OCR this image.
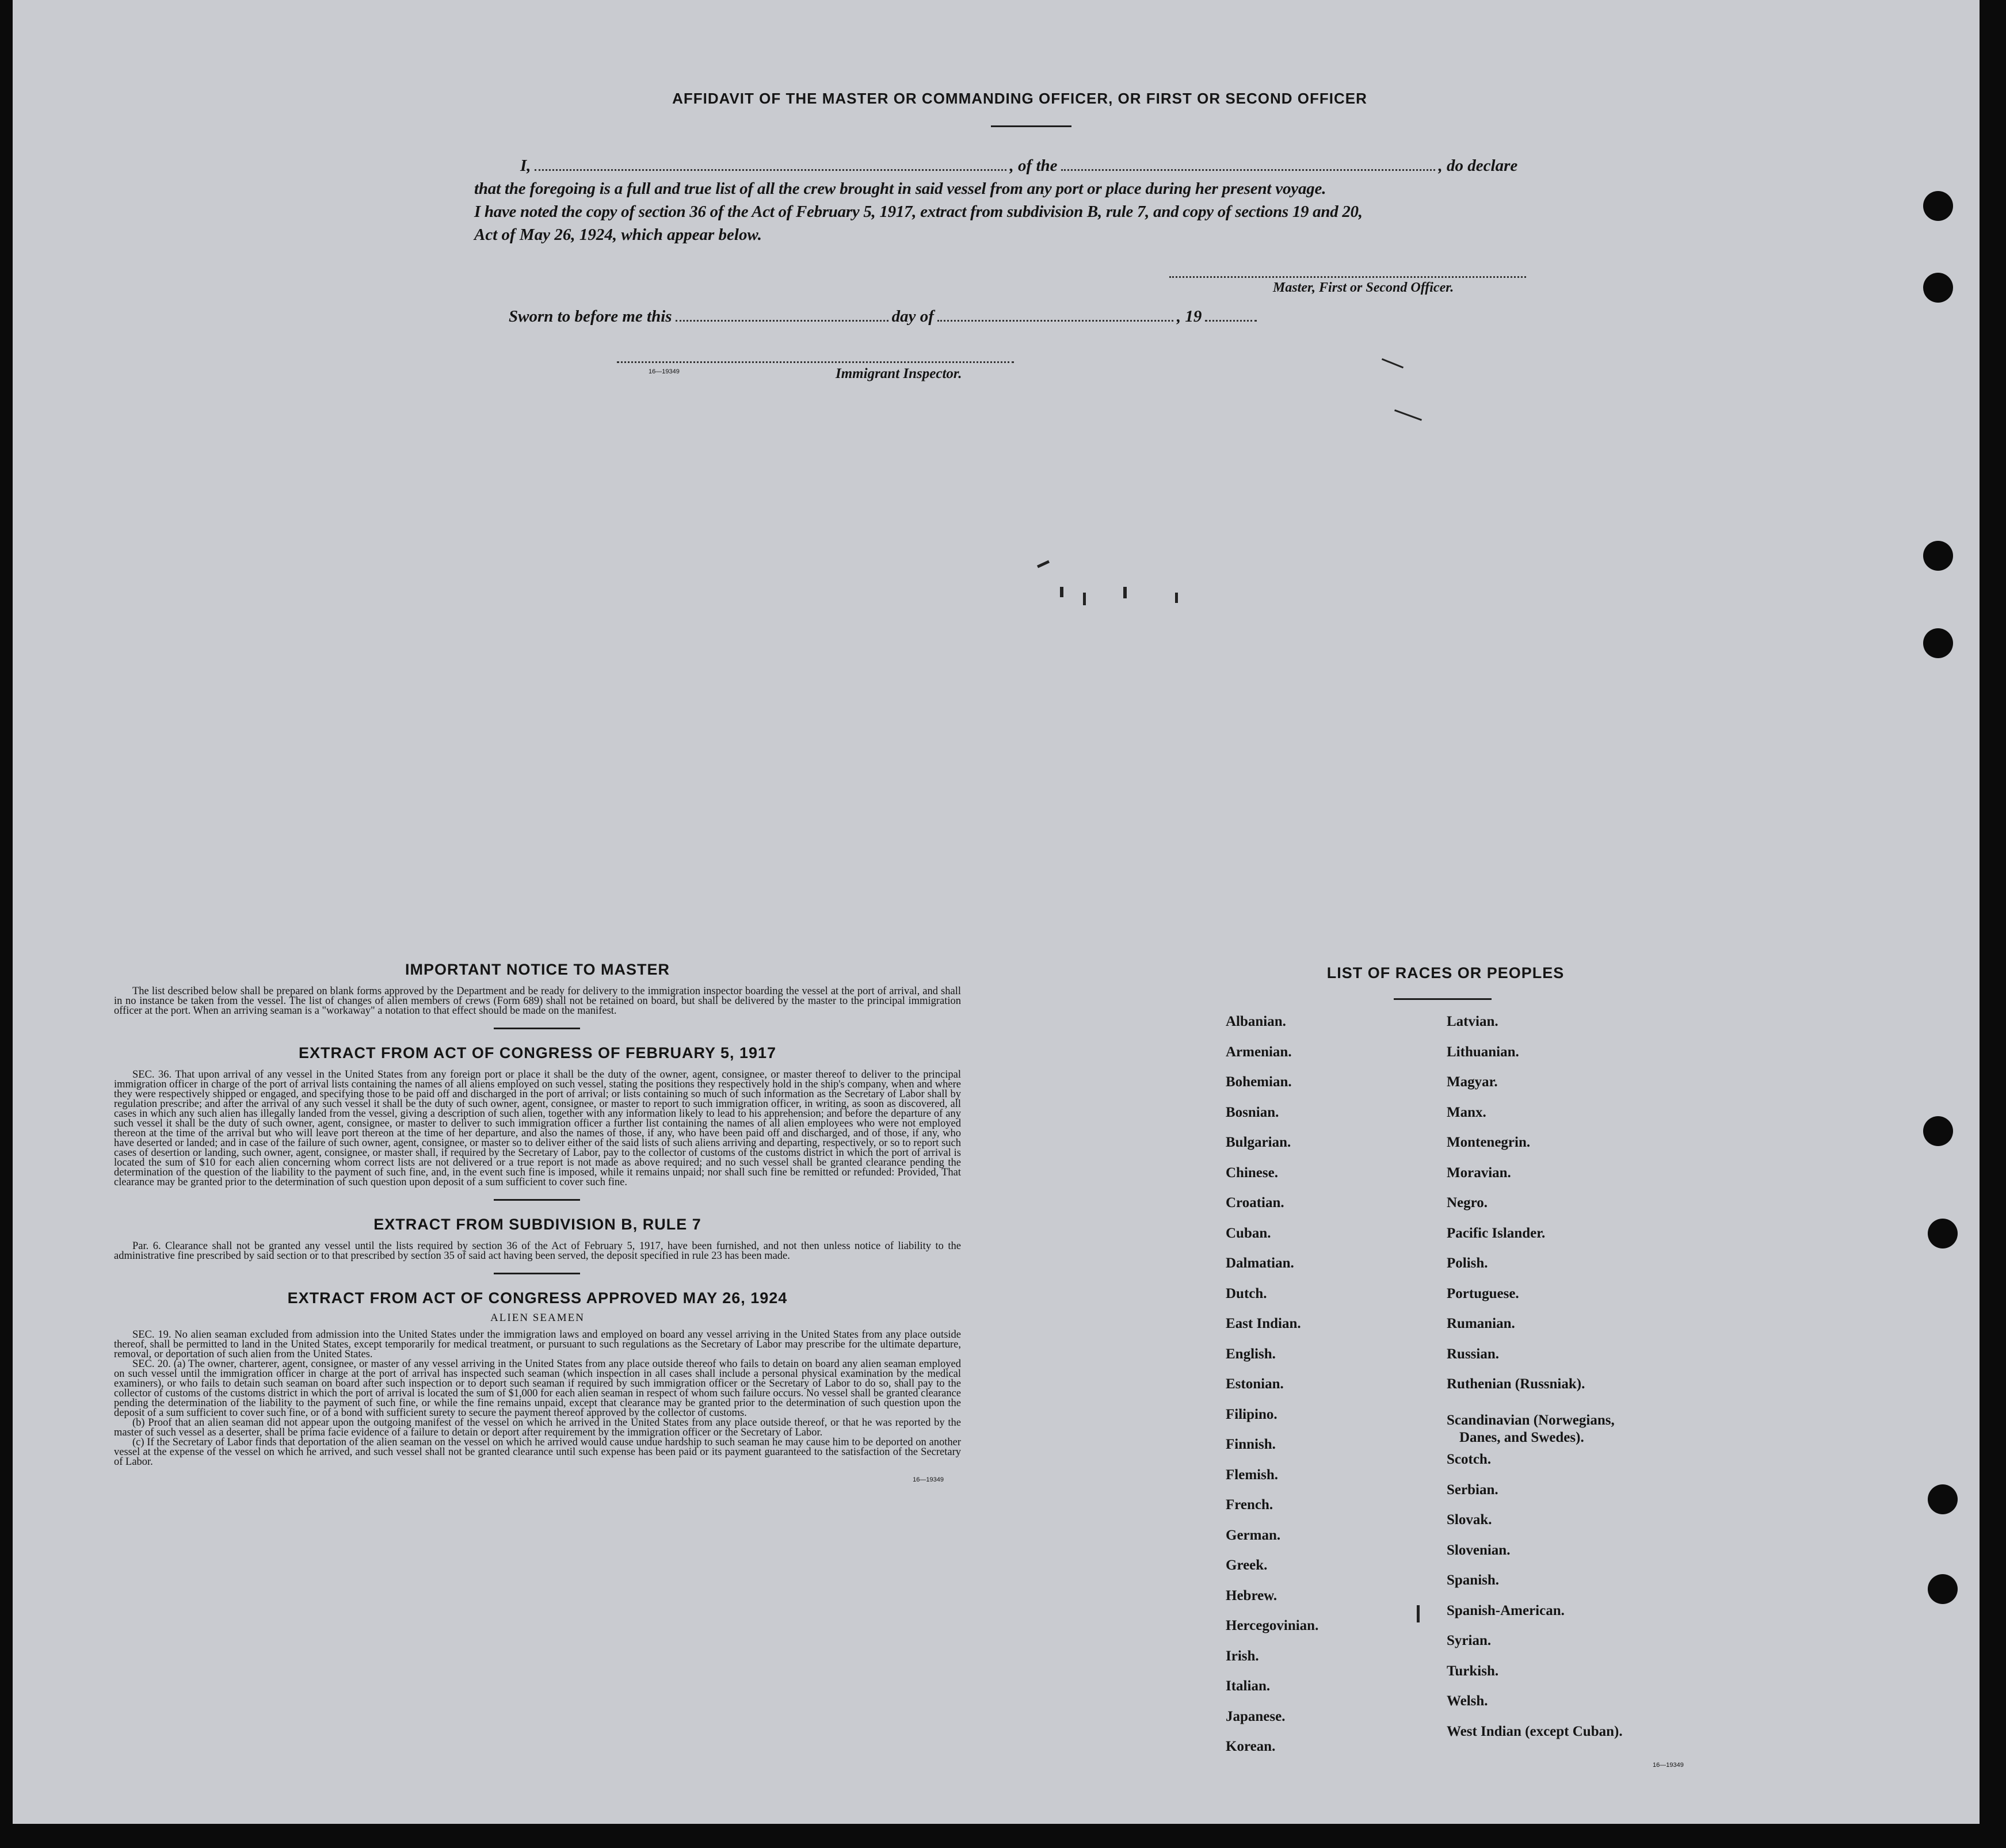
AFFIDAVIT OF THE MASTER OR COMMANDING OFFICER, OR FIRST OR SECOND OFFICER
I,	, of the	, do declare
that the foregoing is a full and true list of all the crew brought in said vessel from any port or place during her present voyage.
I have noted the copy of section 36 of the Act of February 5, 1917, extract from subdivision B, rule 7, and copy of sections 19 and 20,
Act of May 26, 1924, which appear below.
Master, First or Second Officer.
Sworn to before me this	day of	, 19
16—19349	Immigrant Inspector.
IMPORTANT NOTICE TO MASTER

The list described below shall be prepared on blank forms approved by the Department and be ready for delivery to the immigration inspector boarding the vessel at the port of arrival, and shall in no instance be taken from the vessel. The list of changes of alien members of crews (Form 689) shall not be retained on board, but shall be delivered by the master to the principal immigration officer at the port. When an arriving seaman is a "workaway" a notation to that effect should be made on the manifest.

EXTRACT FROM ACT OF CONGRESS OF FEBRUARY 5, 1917

SEC. 36. That upon arrival of any vessel in the United States from any foreign port or place it shall be the duty of the owner, agent, consignee, or master thereof to deliver to the principal immigration officer in charge of the port of arrival lists containing the names of all aliens employed on such vessel, stating the positions they respectively hold in the ship's company, when and where they were respectively shipped or engaged, and specifying those to be paid off and discharged in the port of arrival; or lists containing so much of such information as the Secretary of Labor shall by regulation prescribe; and after the arrival of any such vessel it shall be the duty of such owner, agent, consignee, or master to report to such immigration officer, in writing, as soon as discovered, all cases in which any such alien has illegally landed from the vessel, giving a description of such alien, together with any information likely to lead to his apprehension; and before the departure of any such vessel it shall be the duty of such owner, agent, consignee, or master to deliver to such immigration officer a further list containing the names of all alien employees who were not employed thereon at the time of the arrival but who will leave port thereon at the time of her departure, and also the names of those, if any, who have been paid off and discharged, and of those, if any, who have deserted or landed; and in case of the failure of such owner, agent, consignee, or master so to deliver either of the said lists of such aliens arriving and departing, respectively, or so to report such cases of desertion or landing, such owner, agent, consignee, or master shall, if required by the Secretary of Labor, pay to the collector of customs of the customs district in which the port of arrival is located the sum of $10 for each alien concerning whom correct lists are not delivered or a true report is not made as above required; and no such vessel shall be granted clearance pending the determination of the question of the liability to the payment of such fine, and, in the event such fine is imposed, while it remains unpaid; nor shall such fine be remitted or refunded: Provided, That clearance may be granted prior to the determination of such question upon deposit of a sum sufficient to cover such fine.

EXTRACT FROM SUBDIVISION B, RULE 7

Par. 6. Clearance shall not be granted any vessel until the lists required by section 36 of the Act of February 5, 1917, have been furnished, and not then unless notice of liability to the administrative fine prescribed by said section or to that prescribed by section 35 of said act having been served, the deposit specified in rule 23 has been made.

EXTRACT FROM ACT OF CONGRESS APPROVED MAY 26, 1924
ALIEN SEAMEN

SEC. 19. No alien seaman excluded from admission into the United States under the immigration laws and employed on board any vessel arriving in the United States from any place outside thereof, shall be permitted to land in the United States, except temporarily for medical treatment, or pursuant to such regulations as the Secretary of Labor may prescribe for the ultimate departure, removal, or deportation of such alien from the United States.

SEC. 20. (a) The owner, charterer, agent, consignee, or master of any vessel arriving in the United States from any place outside thereof who fails to detain on board any alien seaman employed on such vessel until the immigration officer in charge at the port of arrival has inspected such seaman (which inspection in all cases shall include a personal physical examination by the medical examiners), or who fails to detain such seaman on board after such inspection or to deport such seaman if required by such immigration officer or the Secretary of Labor to do so, shall pay to the collector of customs of the customs district in which the port of arrival is located the sum of $1,000 for each alien seaman in respect of whom such failure occurs. No vessel shall be granted clearance pending the determination of the liability to the payment of such fine, or while the fine remains unpaid, except that clearance may be granted prior to the determination of such question upon the deposit of a sum sufficient to cover such fine, or of a bond with sufficient surety to secure the payment thereof approved by the collector of customs.

(b) Proof that an alien seaman did not appear upon the outgoing manifest of the vessel on which he arrived in the United States from any place outside thereof, or that he was reported by the master of such vessel as a deserter, shall be prima facie evidence of a failure to detain or deport after requirement by the immigration officer or the Secretary of Labor.

(c) If the Secretary of Labor finds that deportation of the alien seaman on the vessel on which he arrived would cause undue hardship to such seaman he may cause him to be deported on another vessel at the expense of the vessel on which he arrived, and such vessel shall not be granted clearance until such expense has been paid or its payment guaranteed to the satisfaction of the Secretary of Labor.

16—19349
LIST OF RACES OR PEOPLES
Albanian.
Armenian.
Bohemian.
Bosnian.
Bulgarian.
Chinese.
Croatian.
Cuban.
Dalmatian.
Dutch.
East Indian.
English.
Estonian.
Filipino.
Finnish.
Flemish.
French.
German.
Greek.
Hebrew.
Hercegovinian.
Irish.
Italian.
Japanese.
Korean.
Latvian.
Lithuanian.
Magyar.
Manx.
Montenegrin.
Moravian.
Negro.
Pacific Islander.
Polish.
Portuguese.
Rumanian.
Russian.
Ruthenian (Russniak).
Scandinavian (Norwegians,
Danes, and Swedes).
Scotch.
Serbian.
Slovak.
Slovenian.
Spanish.
Spanish-American.
Syrian.
Turkish.
Welsh.
West Indian (except Cuban).
16—19349
